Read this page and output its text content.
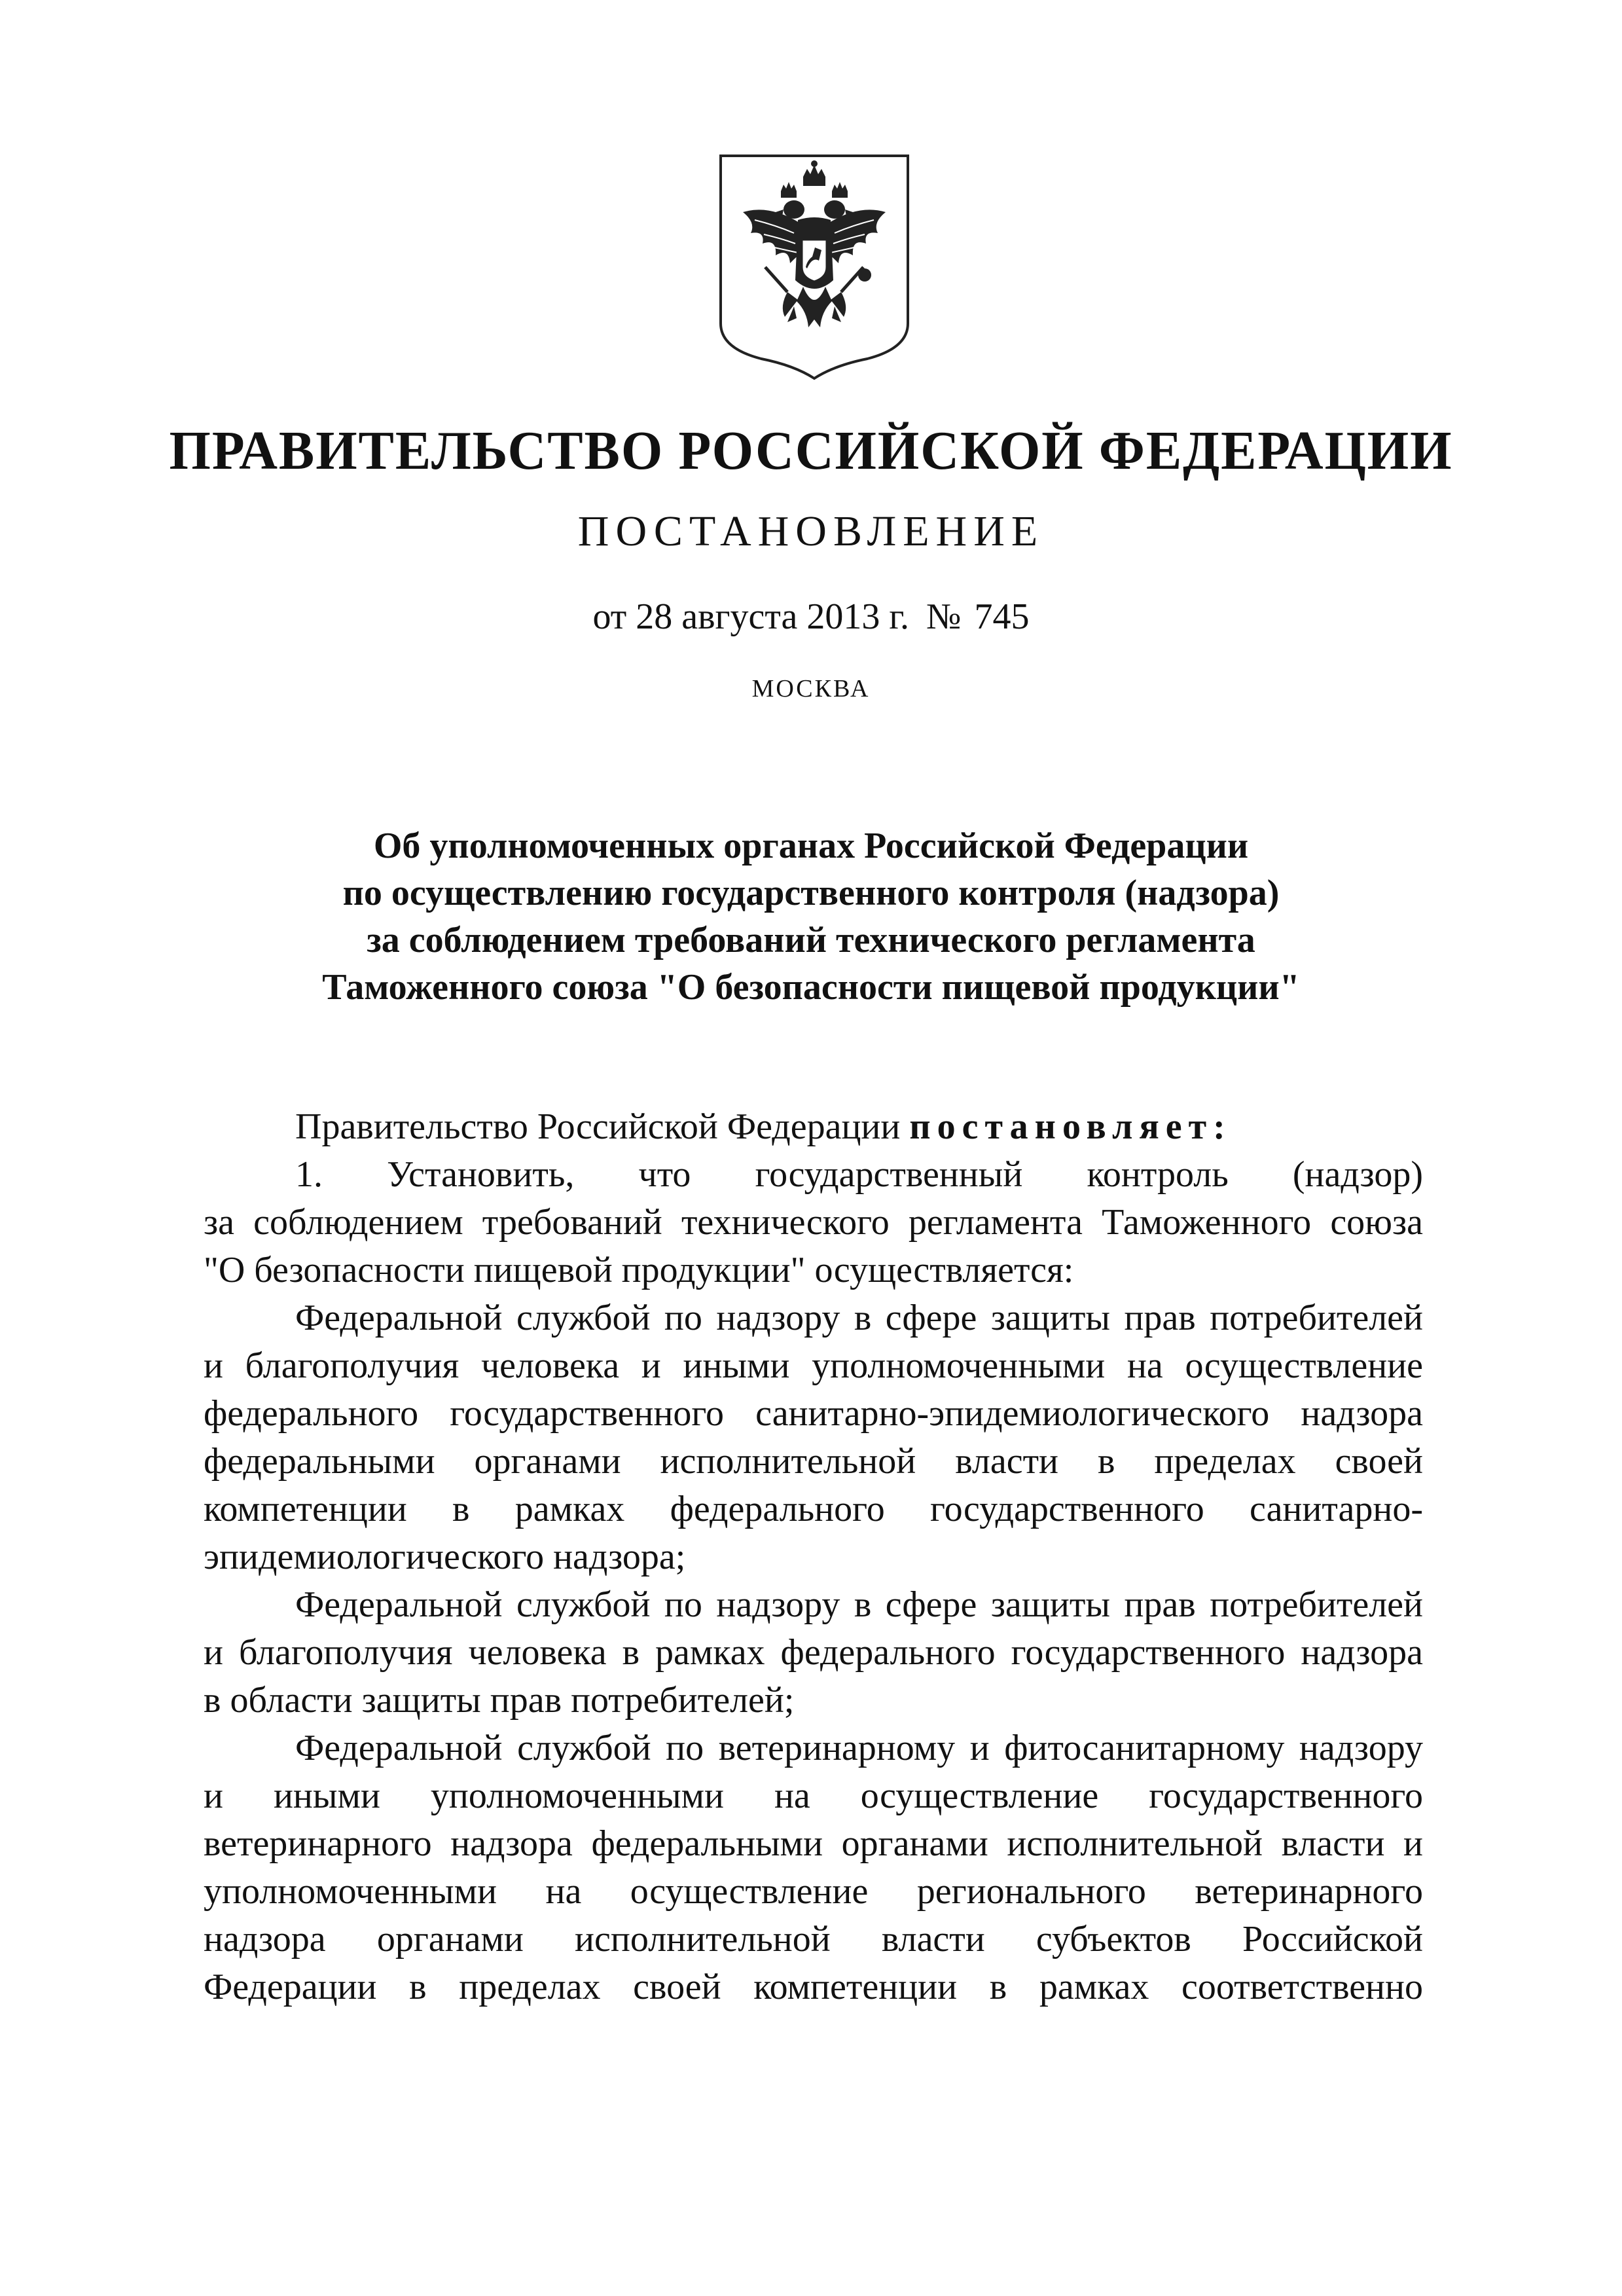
ПРАВИТЕЛЬСТВО РОССИЙСКОЙ ФЕДЕРАЦИИ
ПОСТАНОВЛЕНИЕ
от 28 августа 2013 г. № 745
МОСКВА
Об уполномоченных органах Российской Федерации
по осуществлению государственного контроля (надзора)
за соблюдением требований технического регламента
Таможенного союза "О безопасности пищевой продукции"
Правительство Российской Федерации постановляет:
1. Установить, что государственный контроль (надзор)
за соблюдением требований технического регламента Таможенного союза
"О безопасности пищевой продукции" осуществляется:
Федеральной службой по надзору в сфере защиты прав потребителей
и благополучия человека и иными уполномоченными на осуществление
федерального государственного санитарно-эпидемиологического надзора
федеральными органами исполнительной власти в пределах своей
компетенции в рамках федерального государственного санитарно-
эпидемиологического надзора;
Федеральной службой по надзору в сфере защиты прав потребителей
и благополучия человека в рамках федерального государственного надзора
в области защиты прав потребителей;
Федеральной службой по ветеринарному и фитосанитарному надзору
и иными уполномоченными на осуществление государственного
ветеринарного надзора федеральными органами исполнительной власти и
уполномоченными на осуществление регионального ветеринарного
надзора органами исполнительной власти субъектов Российской
Федерации в пределах своей компетенции в рамках соответственно
